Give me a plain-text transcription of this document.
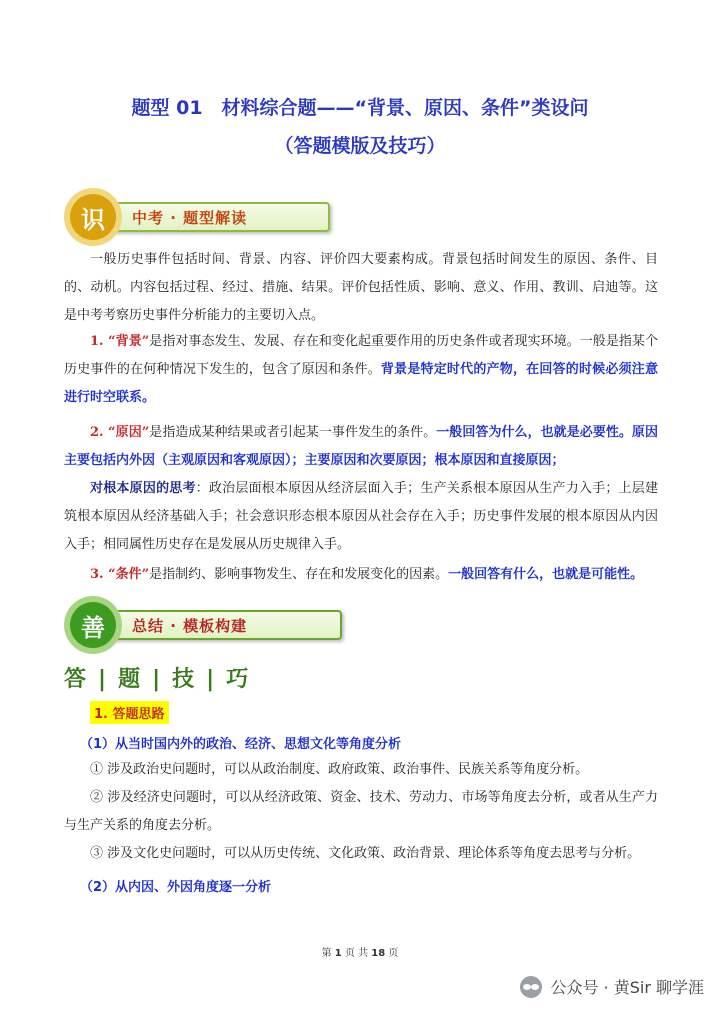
题型 01　材料综合题——“背景、原因、条件”类设问
（答题模版及技巧）
识	中考 · 题型解读
一般历史事件包括时间、背景、内容、评价四大要素构成。背景包括时间发生的原因、条件、目的、动机。内容包括过程、经过、措施、结果。评价包括性质、影响、意义、作用、教训、启迪等。这是中考考察历史事件分析能力的主要切入点。
1. “背景”是指对事态发生、发展、存在和变化起重要作用的历史条件或者现实环境。一般是指某个历史事件的在何种情况下发生的，包含了原因和条件。背景是特定时代的产物，在回答的时候必须注意进行时空联系。
2. “原因”是指造成某种结果或者引起某一事件发生的条件。一般回答为什么，也就是必要性。原因主要包括内外因（主观原因和客观原因）；主要原因和次要原因；根本原因和直接原因；
对根本原因的思考：政治层面根本原因从经济层面入手；生产关系根本原因从生产力入手；上层建筑根本原因从经济基础入手；社会意识形态根本原因从社会存在入手；历史事件发展的根本原因从内因入手；相同属性历史存在是发展从历史规律入手。
3. “条件”是指制约、影响事物发生、存在和发展变化的因素。一般回答有什么，也就是可能性。
善	总结 · 模板构建
答 | 题 | 技 | 巧
1. 答题思路
（1）从当时国内外的政治、经济、思想文化等角度分析
① 涉及政治史问题时，可以从政治制度、政府政策、政治事件、民族关系等角度分析。
② 涉及经济史问题时，可以从经济政策、资金、技术、劳动力、市场等角度去分析，或者从生产力与生产关系的角度去分析。
③ 涉及文化史问题时，可以从历史传统、文化政策、政治背景、理论体系等角度去思考与分析。
（2）从内因、外因角度逐一分析
第 1 页 共 18 页
公众号 · 黄Sir 聊学涯
